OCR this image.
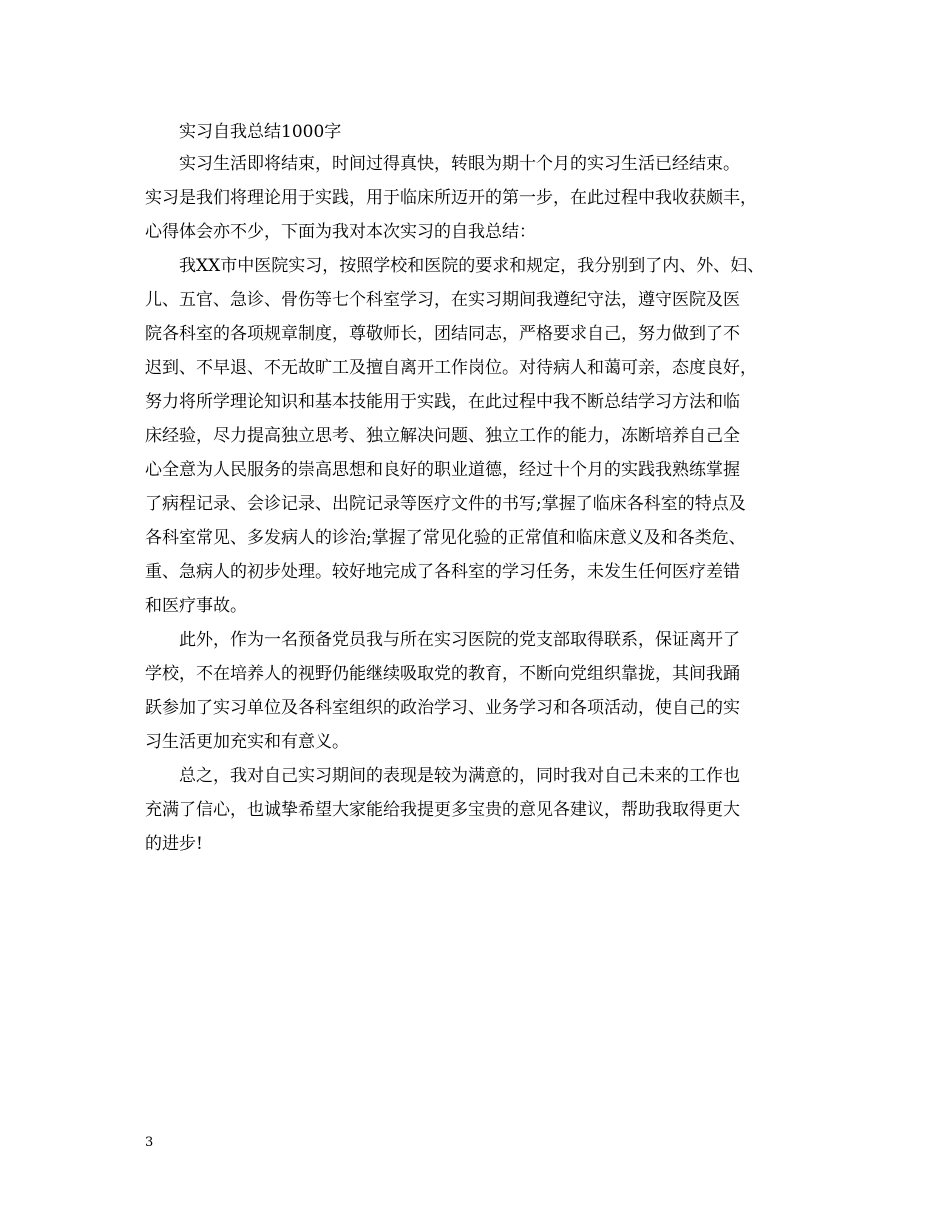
实习自我总结1000字
实习生活即将结束，时间过得真快，转眼为期十个月的实习生活已经结束。
实习是我们将理论用于实践，用于临床所迈开的第一步，在此过程中我收获颇丰，
心得体会亦不少，下面为我对本次实习的自我总结：
我XX市中医院实习，按照学校和医院的要求和规定，我分别到了内、外、妇、
儿、五官、急诊、骨伤等七个科室学习，在实习期间我遵纪守法，遵守医院及医
院各科室的各项规章制度，尊敬师长，团结同志，严格要求自己，努力做到了不
迟到、不早退、不无故旷工及擅自离开工作岗位。对待病人和蔼可亲，态度良好，
努力将所学理论知识和基本技能用于实践，在此过程中我不断总结学习方法和临
床经验，尽力提高独立思考、独立解决问题、独立工作的能力，冻断培养自己全
心全意为人民服务的崇高思想和良好的职业道德，经过十个月的实践我熟练掌握
了病程记录、会诊记录、出院记录等医疗文件的书写;掌握了临床各科室的特点及
各科室常见、多发病人的诊治;掌握了常见化验的正常值和临床意义及和各类危、
重、急病人的初步处理。较好地完成了各科室的学习任务，未发生任何医疗差错
和医疗事故。
此外，作为一名预备党员我与所在实习医院的党支部取得联系，保证离开了
学校，不在培养人的视野仍能继续吸取党的教育，不断向党组织靠拢，其间我踊
跃参加了实习单位及各科室组织的政治学习、业务学习和各项活动，使自己的实
习生活更加充实和有意义。
总之，我对自己实习期间的表现是较为满意的，同时我对自己未来的工作也
充满了信心，也诚挚希望大家能给我提更多宝贵的意见各建议，帮助我取得更大
的进步!
3
